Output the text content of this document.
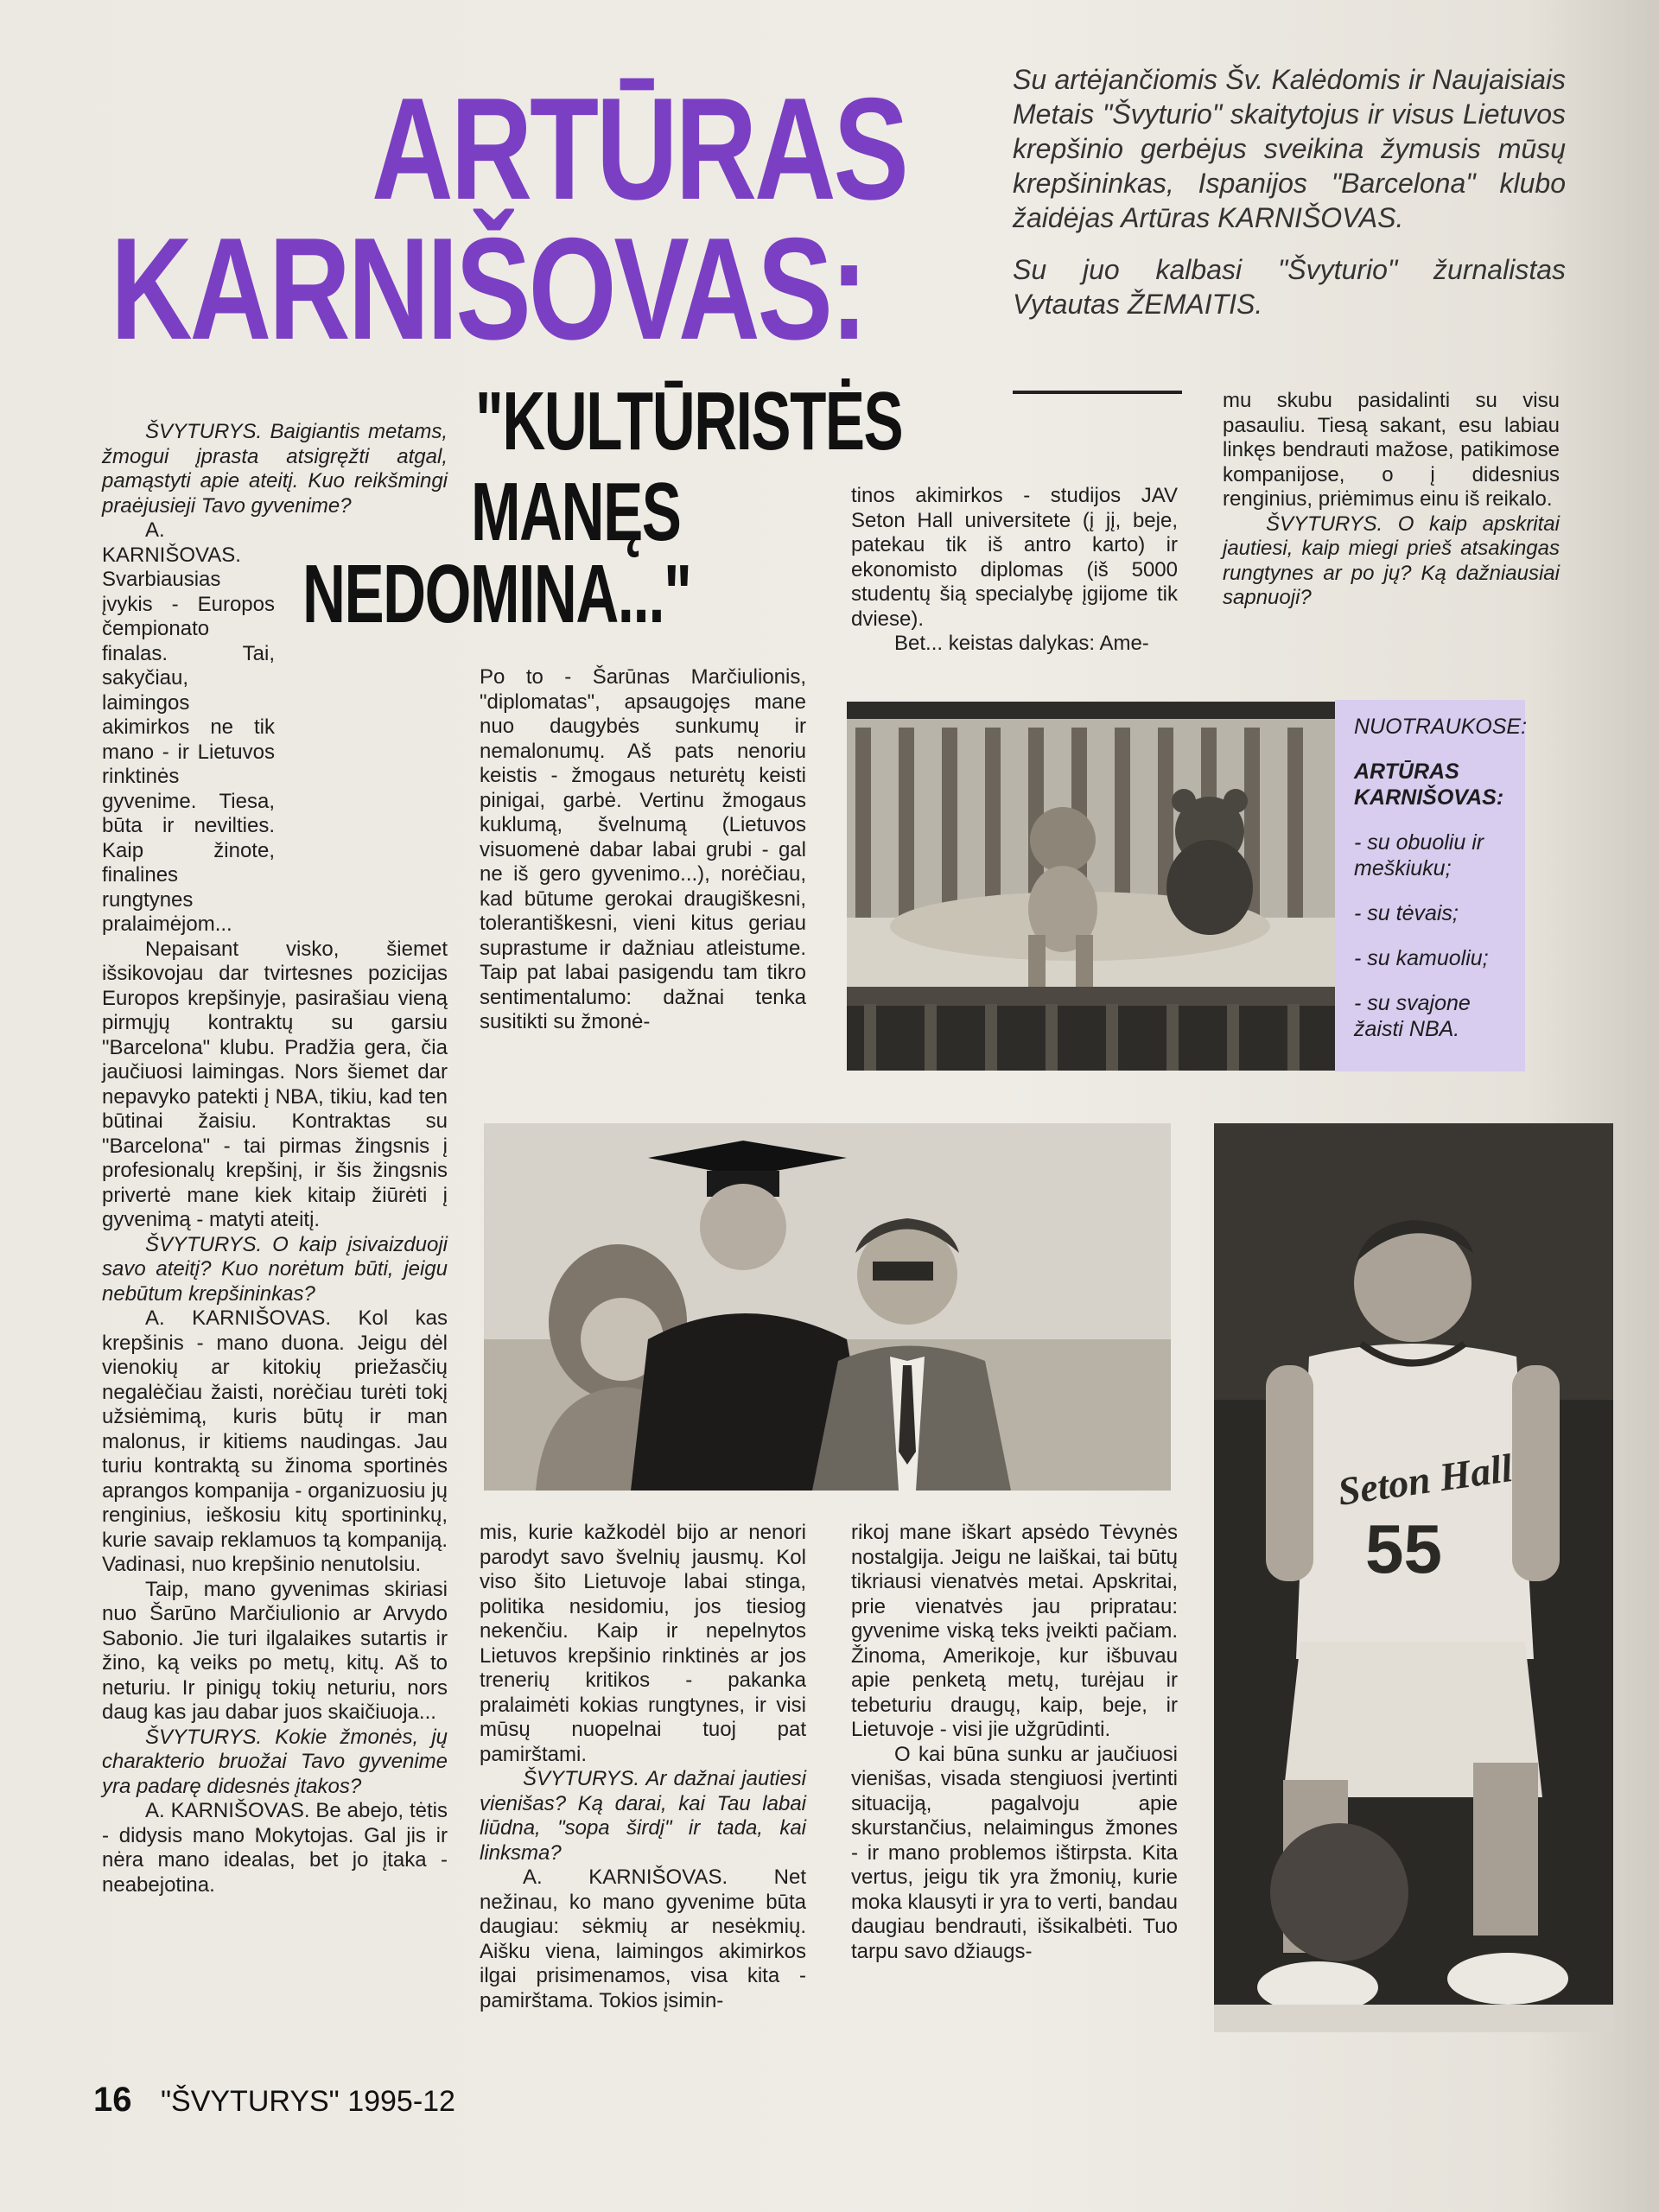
ARTŪRAS
KARNIŠOVAS:
"KULTŪRISTĖS
MANĘS
NEDOMINA..."

Su artėjančiomis Šv. Kalėdomis ir Naujaisiais Metais "Švyturio" skaitytojus ir visus Lietuvos krepšinio gerbėjus sveikina žymusis mūsų krepšininkas, Ispanijos "Barcelona" klubo žaidėjas Artūras KARNIŠOVAS.

Su juo kalbasi "Švyturio" žurnalistas Vytautas ŽEMAITIS.

ŠVYTURYS. Baigiantis metams, žmogui įprasta atsigręžti atgal, pamąstyti apie ateitį. Kuo reikšmingi praėjusieji Tavo gyvenime?

A. KARNIŠOVAS. Svarbiausias įvykis - Europos čempionato finalas. Tai, sakyčiau, laimingos akimirkos ne tik mano - ir Lietuvos rinktinės gyvenime. Tiesa, būta ir nevilties. Kaip žinote, finalines rungtynes pralaimėjom...

Nepaisant visko, šiemet išsikovojau dar tvirtesnes pozicijas Europos krepšinyje, pasirašiau vieną pirmųjų kontraktų su garsiu "Barcelona" klubu. Pradžia gera, čia jaučiuosi laimingas. Nors šiemet dar nepavyko patekti į NBA, tikiu, kad ten būtinai žaisiu. Kontraktas su "Barcelona" - tai pirmas žingsnis į profesionalų krepšinį, ir šis žingsnis privertė mane kiek kitaip žiūrėti į gyvenimą - matyti ateitį.

ŠVYTURYS. O kaip įsivaizduoji savo ateitį? Kuo norėtum būti, jeigu nebūtum krepšininkas?

A. KARNIŠOVAS. Kol kas krepšinis - mano duona. Jeigu dėl vienokių ar kitokių priežasčių negalėčiau žaisti, norėčiau turėti tokį užsiėmimą, kuris būtų ir man malonus, ir kitiems naudingas. Jau turiu kontraktą su žinoma sportinės aprangos kompanija - organizuosiu jų renginius, ieškosiu kitų sportininkų, kurie savaip reklamuos tą kompaniją. Vadinasi, nuo krepšinio nenutolsiu.

Taip, mano gyvenimas skiriasi nuo Šarūno Marčiulionio ar Arvydo Sabonio. Jie turi ilgalaikes sutartis ir žino, ką veiks po metų, kitų. Aš to neturiu. Ir pinigų tokių neturiu, nors daug kas jau dabar juos skaičiuoja...

ŠVYTURYS. Kokie žmonės, jų charakterio bruožai Tavo gyvenime yra padarę didesnės įtakos?

A. KARNIŠOVAS. Be abejo, tėtis - didysis mano Mokytojas. Gal jis ir nėra mano idealas, bet jo įtaka - neabejotina.

Po to - Šarūnas Marčiulionis, "diplomatas", apsaugojęs mane nuo daugybės sunkumų ir nemalonumų. Aš pats nenoriu keistis - žmogaus neturėtų keisti pinigai, garbė. Vertinu žmogaus kuklumą, švelnumą (Lietuvos visuomenė dabar labai grubi - gal ne iš gero gyvenimo...), norėčiau, kad būtume gerokai draugiškesni, tolerantiškesni, vieni kitus geriau suprastume ir dažniau atleistume. Taip pat labai pasigendu tam tikro sentimentalumo: dažnai tenka susitikti su žmonė-

tinos akimirkos - studijos JAV Seton Hall universitete (į jį, beje, patekau tik iš antro karto) ir ekonomisto diplomas (iš 5000 studentų šią specialybę įgijome tik dviese).

Bet... keistas dalykas: Ame-

mu skubu pasidalinti su visu pasauliu. Tiesą sakant, esu labiau linkęs bendrauti mažose, patikimose kompanijose, o į didesnius renginius, priėmimus einu iš reikalo.

ŠVYTURYS. O kaip apskritai jautiesi, kaip miegi prieš atsakingas rungtynes ar po jų? Ką dažniausiai sapnuoji?

NUOTRAUKOSE:

ARTŪRAS KARNIŠOVAS:

- su obuoliu ir meškiuku;

- su tėvais;

- su kamuoliu;

- su svajone žaisti NBA.

Seton Hall
55

mis, kurie kažkodėl bijo ar nenori parodyt savo švelnių jausmų. Kol viso šito Lietuvoje labai stinga, politika nesidomiu, jos tiesiog nekenčiu. Kaip ir nepelnytos Lietuvos krepšinio rinktinės ar jos trenerių kritikos - pakanka pralaimėti kokias rungtynes, ir visi mūsų nuopelnai tuoj pat pamirštami.

ŠVYTURYS. Ar dažnai jautiesi vienišas? Ką darai, kai Tau labai liūdna, "sopa širdį" ir tada, kai linksma?

A. KARNIŠOVAS. Net nežinau, ko mano gyvenime būta daugiau: sėkmių ar nesėkmių. Aišku viena, laimingos akimirkos ilgai prisimenamos, visa kita - pamirštama. Tokios įsimin-

rikoj mane iškart apsėdo Tėvynės nostalgija. Jeigu ne laiškai, tai būtų tikriausi vienatvės metai. Apskritai, prie vienatvės jau pripratau: gyvenime viską teks įveikti pačiam. Žinoma, Amerikoje, kur išbuvau apie penketą metų, turėjau ir tebeturiu draugų, kaip, beje, ir Lietuvoje - visi jie užgrūdinti.

O kai būna sunku ar jaučiuosi vienišas, visada stengiuosi įvertinti situaciją, pagalvoju apie skurstančius, nelaimingus žmones - ir mano problemos ištirpsta. Kita vertus, jeigu tik yra žmonių, kurie moka klausyti ir yra to verti, bandau daugiau bendrauti, išsikalbėti. Tuo tarpu savo džiaugs-

16 "ŠVYTURYS" 1995-12
